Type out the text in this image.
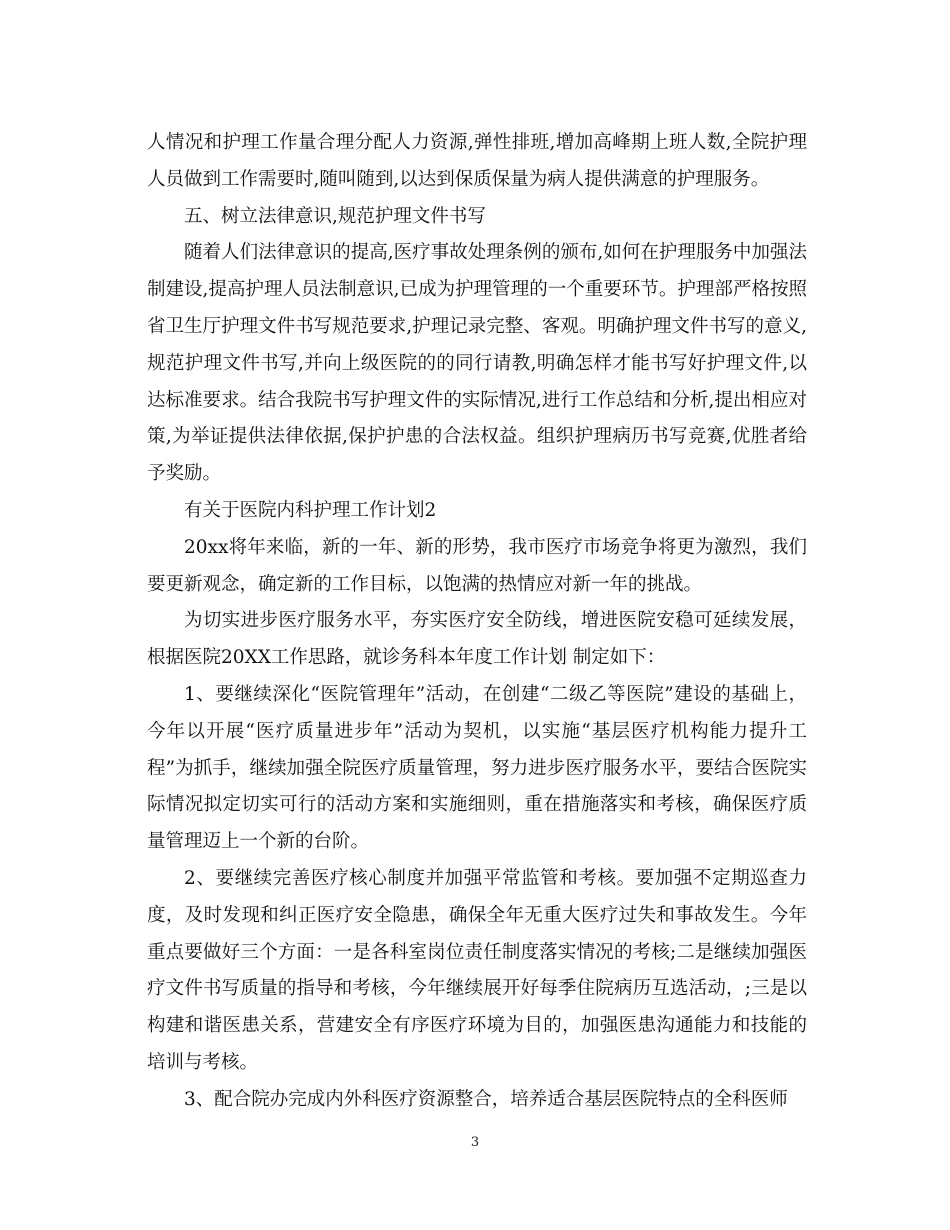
人情况和护理工作量合理分配人力资源,弹性排班,增加高峰期上班人数,全院护理人员做到工作需要时,随叫随到,以达到保质保量为病人提供满意的护理服务。

五、树立法律意识,规范护理文件书写

随着人们法律意识的提高,医疗事故处理条例的颁布,如何在护理服务中加强法制建设,提高护理人员法制意识,已成为护理管理的一个重要环节。护理部严格按照省卫生厅护理文件书写规范要求,护理记录完整、客观。明确护理文件书写的意义,规范护理文件书写,并向上级医院的的同行请教,明确怎样才能书写好护理文件,以达标准要求。结合我院书写护理文件的实际情况,进行工作总结和分析,提出相应对策,为举证提供法律依据,保护护患的合法权益。组织护理病历书写竞赛,优胜者给予奖励。

有关于医院内科护理工作计划2

20xx将年来临，新的一年、新的形势，我市医疗市场竞争将更为激烈，我们要更新观念，确定新的工作目标，以饱满的热情应对新一年的挑战。

为切实进步医疗服务水平，夯实医疗安全防线，增进医院安稳可延续发展，根据医院20XX工作思路，就诊务科本年度工作计划 制定如下：

1、要继续深化“医院管理年”活动，在创建“二级乙等医院”建设的基础上，今年以开展“医疗质量进步年”活动为契机，以实施“基层医疗机构能力提升工程”为抓手，继续加强全院医疗质量管理，努力进步医疗服务水平，要结合医院实际情况拟定切实可行的活动方案和实施细则，重在措施落实和考核，确保医疗质量管理迈上一个新的台阶。

2、要继续完善医疗核心制度并加强平常监管和考核。要加强不定期巡查力度，及时发现和纠正医疗安全隐患，确保全年无重大医疗过失和事故发生。今年重点要做好三个方面：一是各科室岗位责任制度落实情况的考核;二是继续加强医疗文件书写质量的指导和考核，今年继续展开好每季住院病历互选活动，;三是以构建和谐医患关系，营建安全有序医疗环境为目的，加强医患沟通能力和技能的培训与考核。

3、配合院办完成内外科医疗资源整合，培养适合基层医院特点的全科医师

3
